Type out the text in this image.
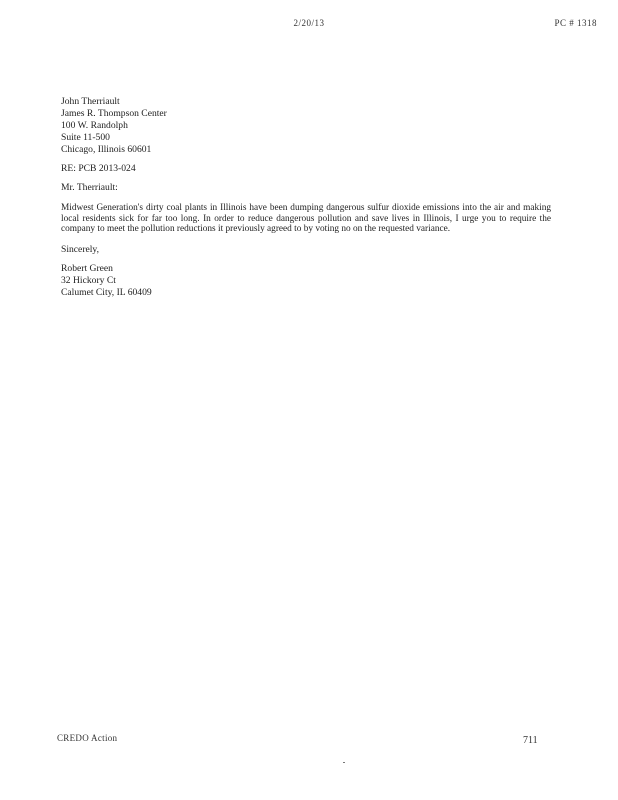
2/20/13	PC # 1318
John Therriault
James R. Thompson Center
100 W. Randolph
Suite 11-500
Chicago, Illinois 60601
RE: PCB 2013-024
Mr. Therriault:
Midwest Generation's dirty coal plants in Illinois have been dumping dangerous sulfur dioxide emissions into the air and making local residents sick for far too long. In order to reduce dangerous pollution and save lives in Illinois, I urge you to require the company to meet the pollution reductions it previously agreed to by voting no on the requested variance.
Sincerely,
Robert Green
32 Hickory Ct
Calumet City, IL 60409
CREDO Action	711
